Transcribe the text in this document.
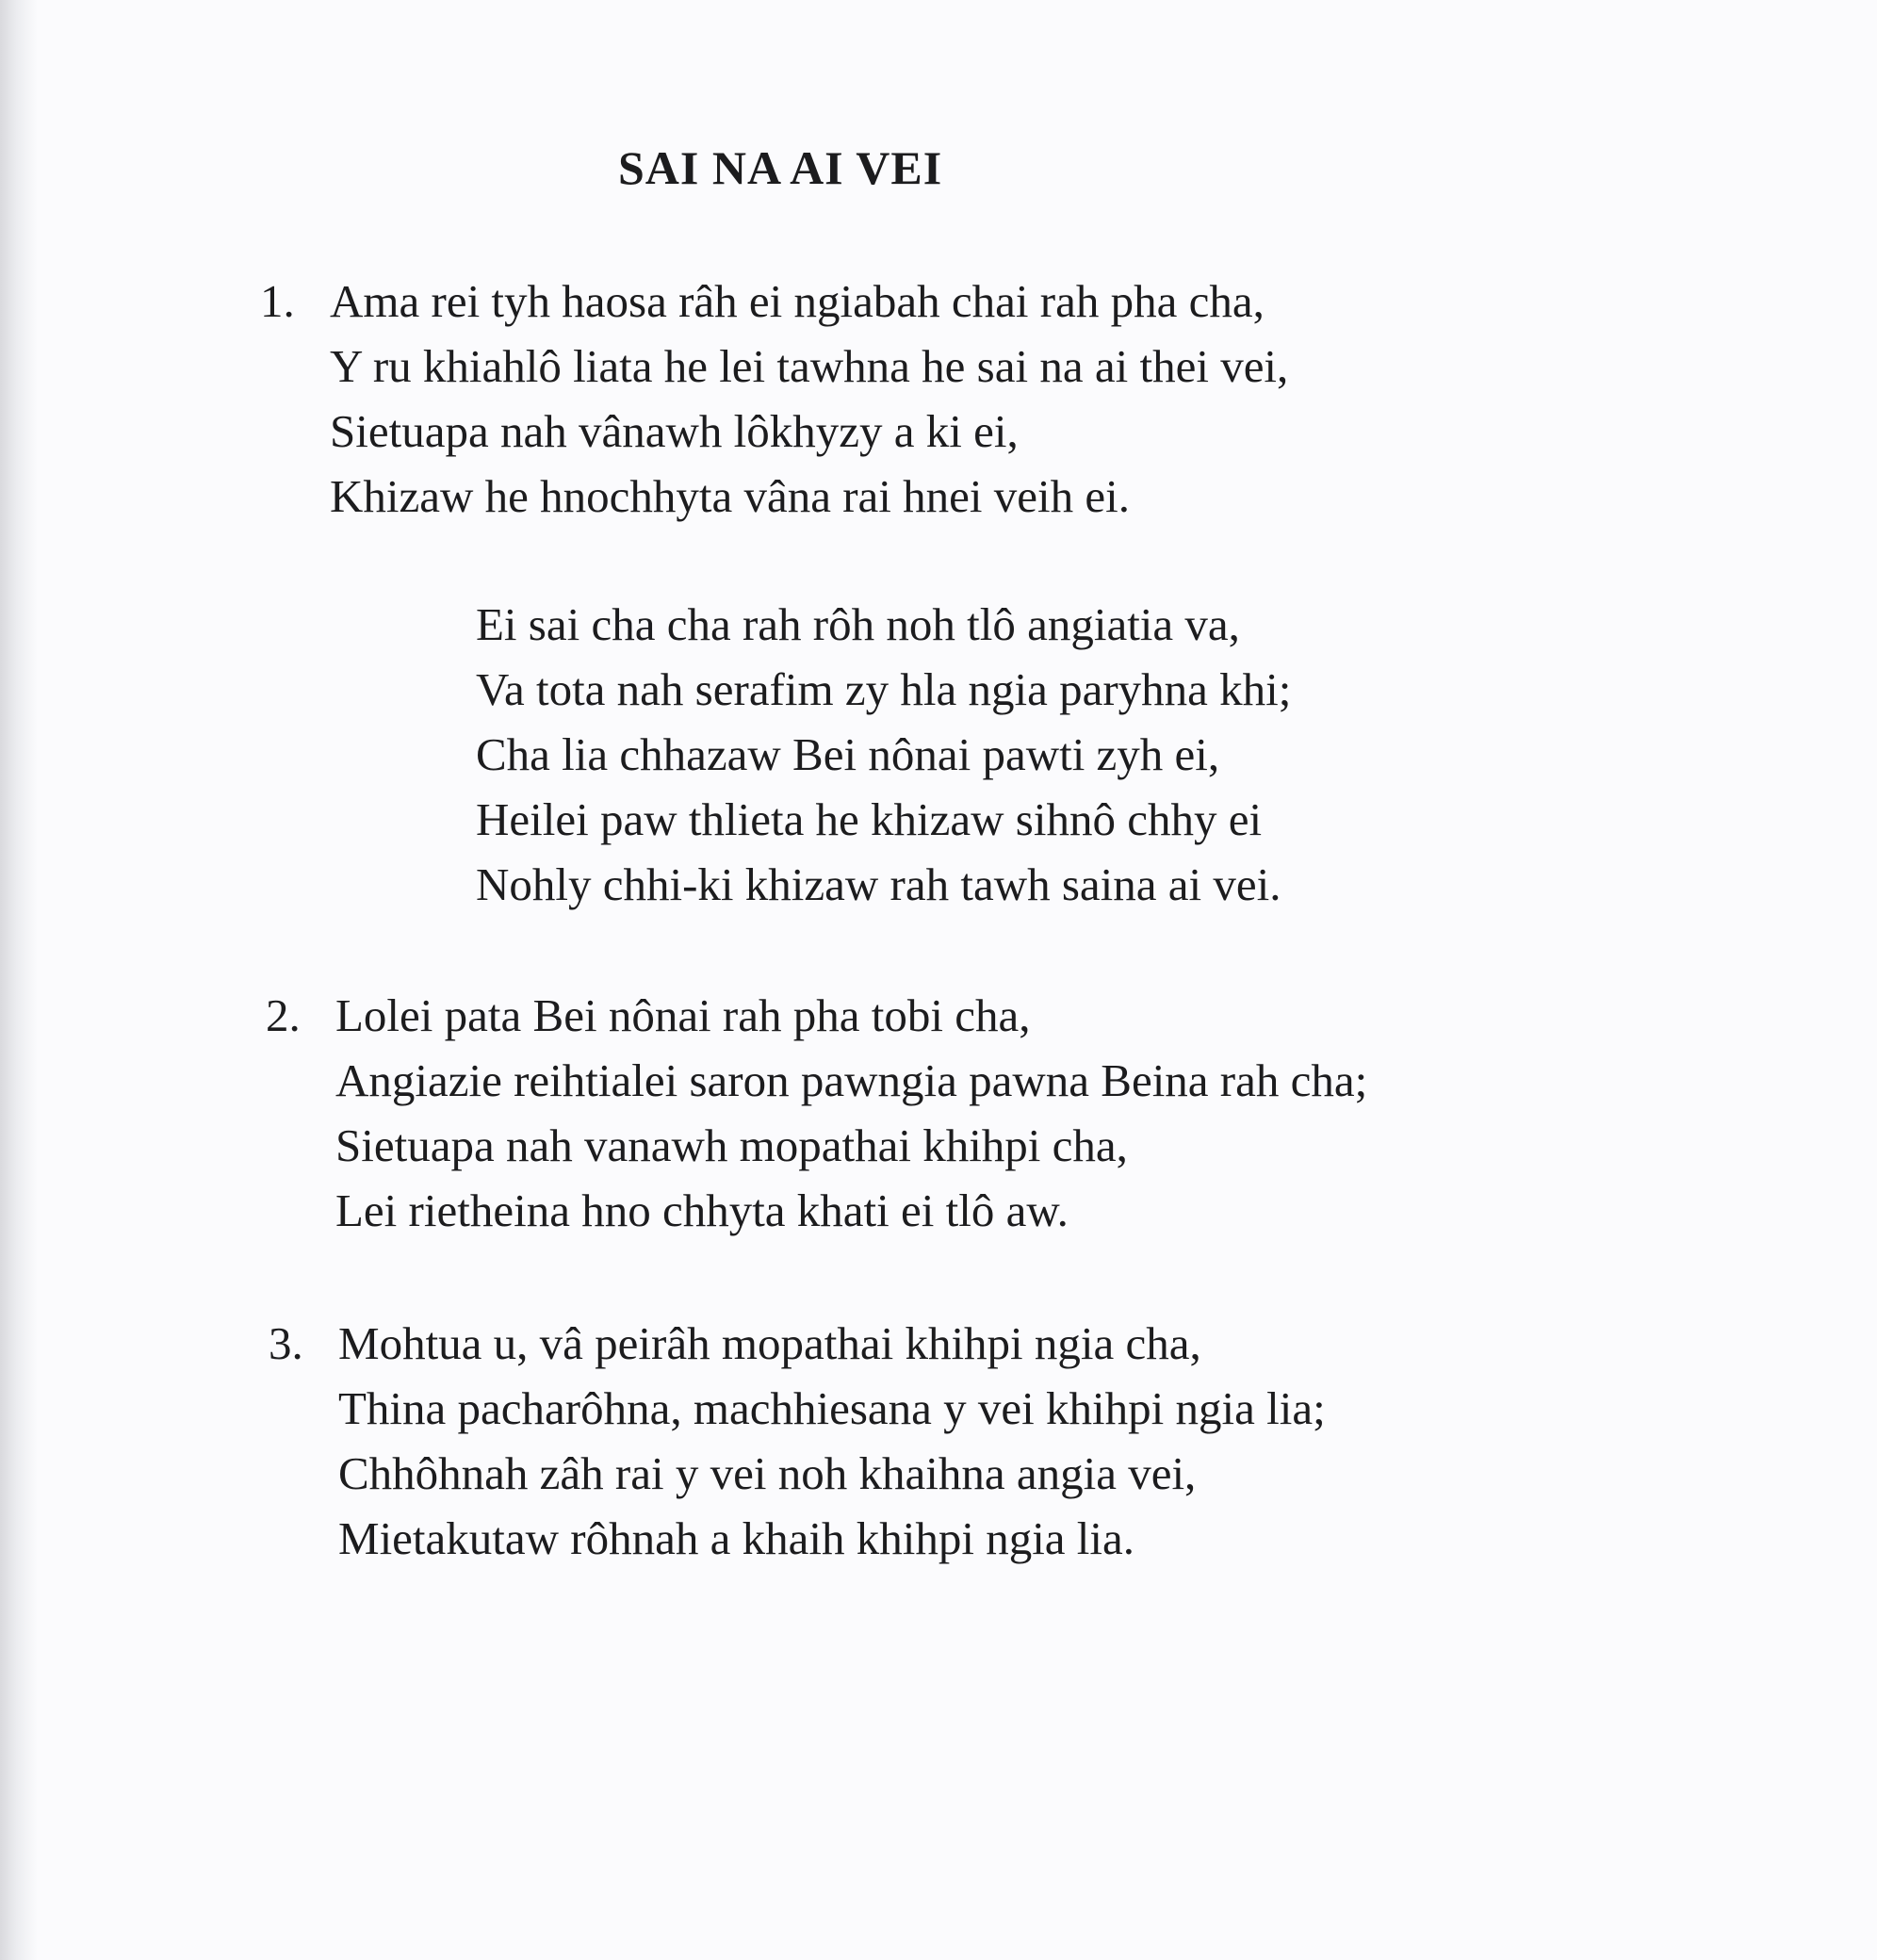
SAI NA AI VEI
1. Ama rei tyh haosa râh ei ngiabah chai rah pha cha,
Y ru khiahlô liata he lei tawhna he sai na ai thei vei,
Sietuapa nah vânawh lôkhyzy a ki ei,
Khizaw he hnochhyta vâna rai hnei veih ei.
Ei sai cha cha rah rôh noh tlô angiatia va,
Va tota nah serafim zy hla ngia paryhna khi;
Cha lia chhazaw Bei nônai pawti zyh ei,
Heilei paw thlieta he khizaw sihnô chhy ei
Nohly chhi-ki khizaw rah tawh saina ai vei.
2. Lolei pata Bei nônai rah pha tobi cha,
Angiazie reihtialei saron pawngia pawna Beina rah cha;
Sietuapa nah vanawh mopathai khihpi cha,
Lei rietheina hno chhyta khati ei tlô aw.
3. Mohtua u, vâ peirâh mopathai khihpi ngia cha,
Thina pacharôhna, machhiesana y vei khihpi ngia lia;
Chhôhnah zâh rai y vei noh khaihna angia vei,
Mietakutaw rôhnah a khaih khihpi ngia lia.
